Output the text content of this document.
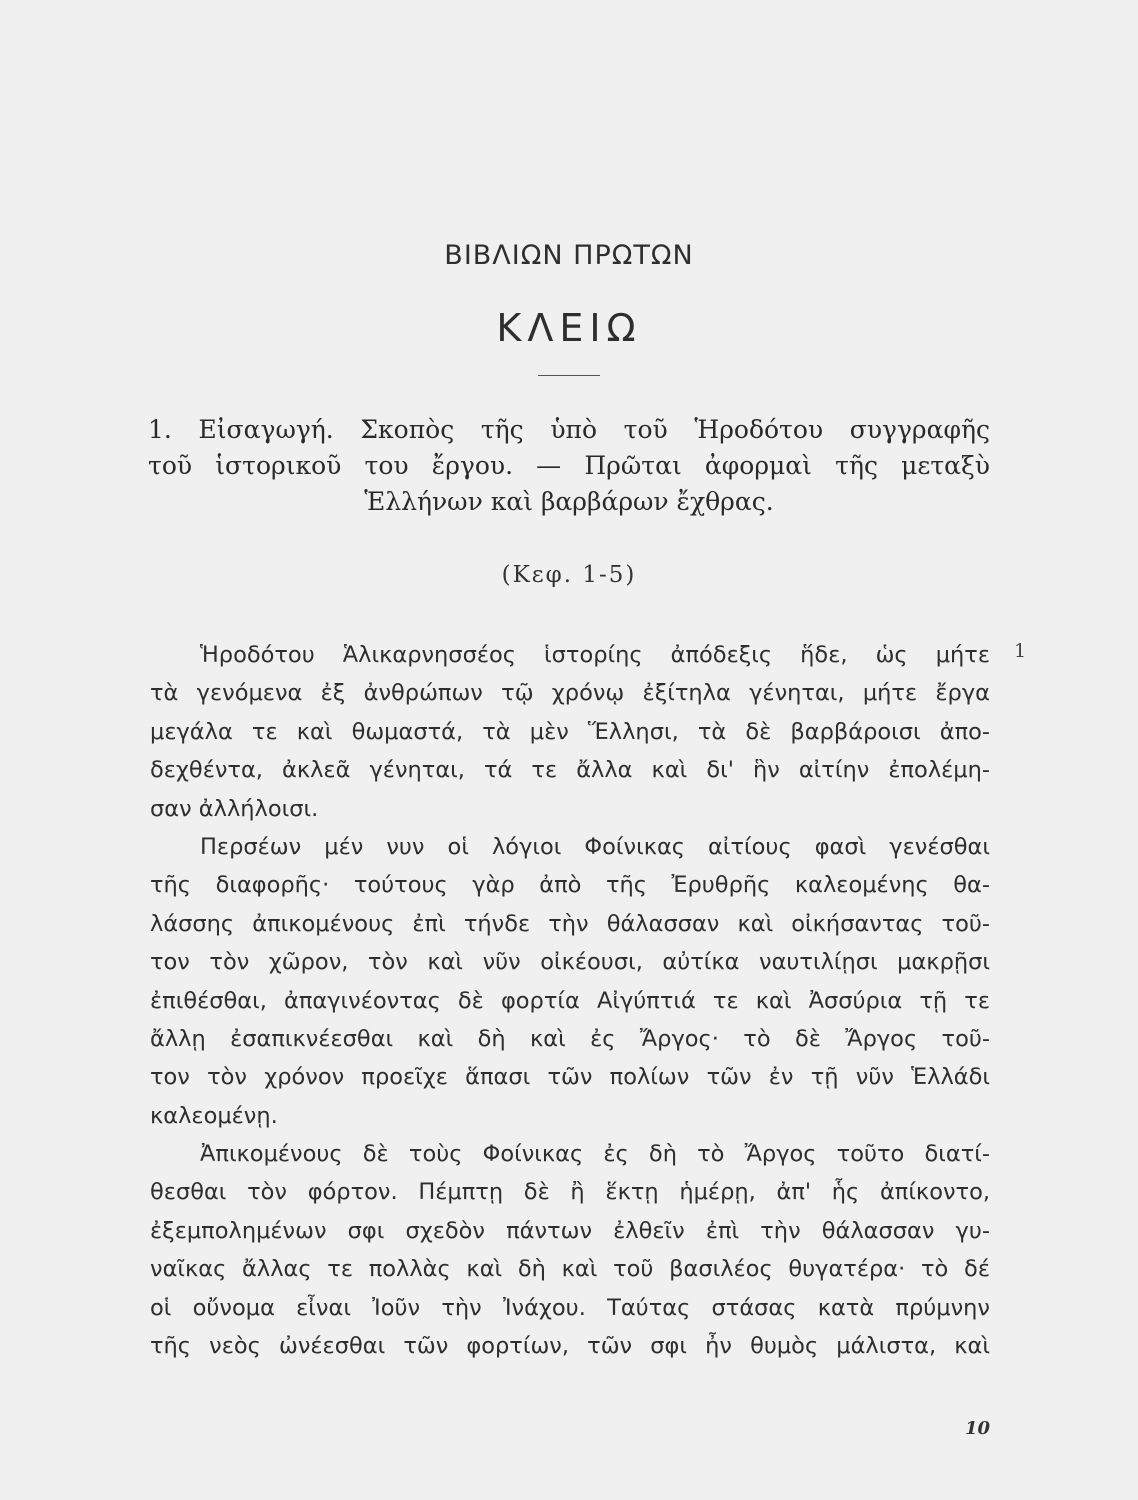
ΒΙΒΛΙΩΝ ΠΡΩΤΩΝ
ΚΛΕΙΩ
1. Εἰσαγωγή. Σκοπὸς τῆς ὑπὸ τοῦ Ἡροδότου συγγραφῆς
τοῦ ἱστορικοῦ του ἔργου. — Πρῶται ἀφορμαὶ τῆς μεταξὺ
Ἑλλήνων καὶ βαρβάρων ἔχθρας.
(Κεφ. 1-5)
1
Ἡροδότου Ἁλικαρνησσέος ἱστορίης ἀπόδεξις ἥδε, ὡς μήτε
τὰ γενόμενα ἐξ ἀνθρώπων τῷ χρόνῳ ἐξίτηλα γένηται, μήτε ἔργα
μεγάλα τε καὶ θωμαστά, τὰ μὲν Ἕλλησι, τὰ δὲ βαρβάροισι ἀπο-
δεχθέντα, ἀκλεᾶ γένηται, τά τε ἄλλα καὶ δι' ἣν αἰτίην ἐπολέμη-
σαν ἀλλήλοισι.
Περσέων μέν νυν οἱ λόγιοι Φοίνικας αἰτίους φασὶ γενέσθαι
τῆς διαφορῆς· τούτους γὰρ ἀπὸ τῆς Ἐρυθρῆς καλεομένης θα-
λάσσης ἀπικομένους ἐπὶ τήνδε τὴν θάλασσαν καὶ οἰκήσαντας τοῦ-
τον τὸν χῶρον, τὸν καὶ νῦν οἰκέουσι, αὐτίκα ναυτιλίῃσι μακρῇσι
ἐπιθέσθαι, ἀπαγινέοντας δὲ φορτία Αἰγύπτιά τε καὶ Ἀσσύρια τῇ τε
ἄλλῃ ἐσαπικνέεσθαι καὶ δὴ καὶ ἐς Ἄργος· τὸ δὲ Ἄργος τοῦ-
τον τὸν χρόνον προεῖχε ἅπασι τῶν πολίων τῶν ἐν τῇ νῦν Ἑλλάδι
καλεομένῃ.
Ἀπικομένους δὲ τοὺς Φοίνικας ἐς δὴ τὸ Ἄργος τοῦτο διατί-
θεσθαι τὸν φόρτον. Πέμπτῃ δὲ ἢ ἕκτῃ ἡμέρῃ, ἀπ' ἧς ἀπίκοντο,
ἐξεμπολημένων σφι σχεδὸν πάντων ἐλθεῖν ἐπὶ τὴν θάλασσαν γυ-
ναῖκας ἄλλας τε πολλὰς καὶ δὴ καὶ τοῦ βασιλέος θυγατέρα· τὸ δέ
οἱ οὔνομα εἶναι Ἰοῦν τὴν Ἰνάχου. Ταύτας στάσας κατὰ πρύμνην
τῆς νεὸς ὠνέεσθαι τῶν φορτίων, τῶν σφι ἦν θυμὸς μάλιστα, καὶ
10
